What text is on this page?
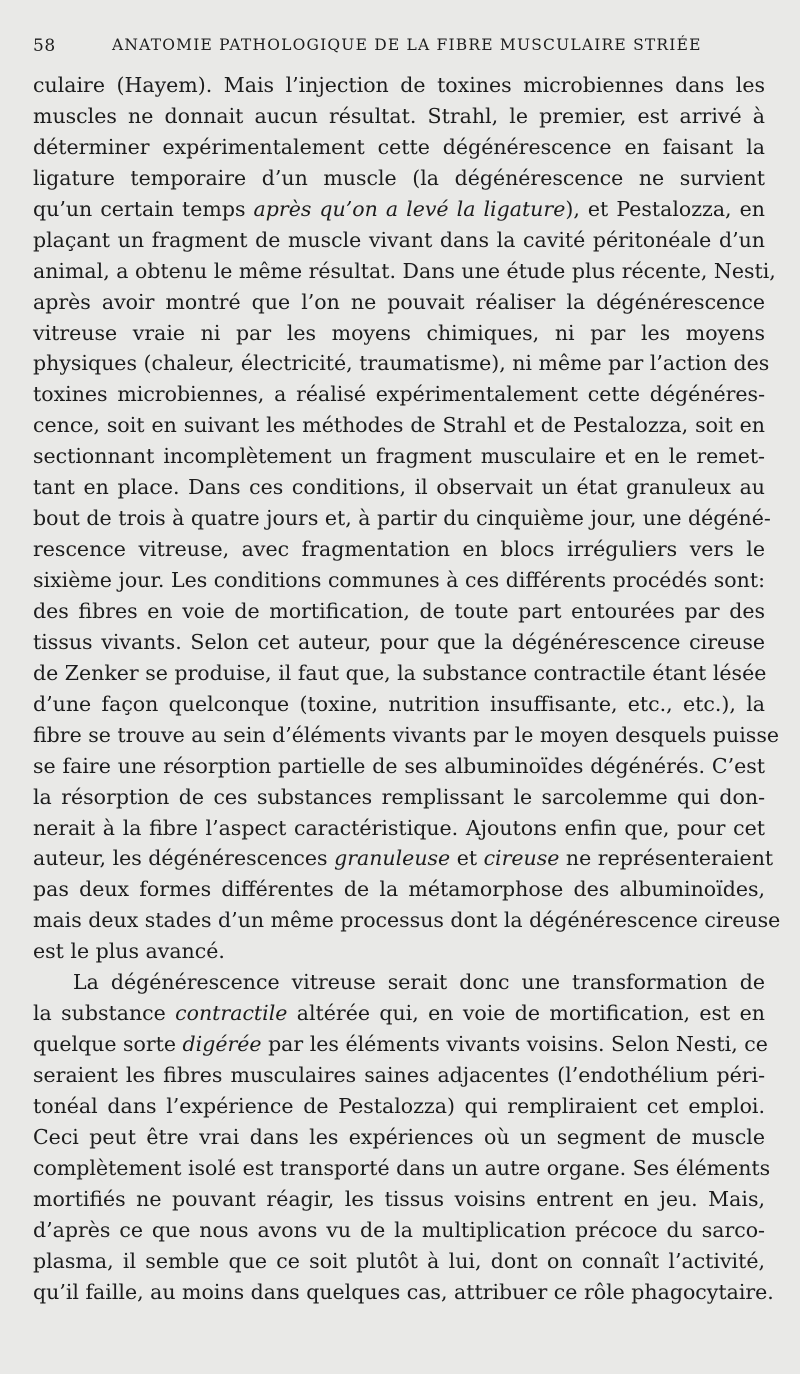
58	ANATOMIE PATHOLOGIQUE DE LA FIBRE MUSCULAIRE STRIÉE
culaire (Hayem). Mais l’injection de toxines microbiennes dans les
muscles ne donnait aucun résultat. Strahl, le premier, est arrivé à
déterminer expérimentalement cette dégénérescence en faisant la
ligature temporaire d’un muscle (la dégénérescence ne survient
qu’un certain temps après qu’on a levé la ligature), et Pestalozza, en
plaçant un fragment de muscle vivant dans la cavité péritonéale d’un
animal, a obtenu le même résultat. Dans une étude plus récente, Nesti,
après avoir montré que l’on ne pouvait réaliser la dégénérescence
vitreuse vraie ni par les moyens chimiques, ni par les moyens
physiques (chaleur, électricité, traumatisme), ni même par l’action des
toxines microbiennes, a réalisé expérimentalement cette dégénéres-
cence, soit en suivant les méthodes de Strahl et de Pestalozza, soit en
sectionnant incomplètement un fragment musculaire et en le remet-
tant en place. Dans ces conditions, il observait un état granuleux au
bout de trois à quatre jours et, à partir du cinquième jour, une dégéné-
rescence vitreuse, avec fragmentation en blocs irréguliers vers le
sixième jour. Les conditions communes à ces différents procédés sont:
des fibres en voie de mortification, de toute part entourées par des
tissus vivants. Selon cet auteur, pour que la dégénérescence cireuse
de Zenker se produise, il faut que, la substance contractile étant lésée
d’une façon quelconque (toxine, nutrition insuffisante, etc., etc.), la
fibre se trouve au sein d’éléments vivants par le moyen desquels puisse
se faire une résorption partielle de ses albuminoïdes dégénérés. C’est
la résorption de ces substances remplissant le sarcolemme qui don-
nerait à la fibre l’aspect caractéristique. Ajoutons enfin que, pour cet
auteur, les dégénérescences granuleuse et cireuse ne représenteraient
pas deux formes différentes de la métamorphose des albuminoïdes,
mais deux stades d’un même processus dont la dégénérescence cireuse
est le plus avancé.
La dégénérescence vitreuse serait donc une transformation de
la substance contractile altérée qui, en voie de mortification, est en
quelque sorte digérée par les éléments vivants voisins. Selon Nesti, ce
seraient les fibres musculaires saines adjacentes (l’endothélium péri-
tonéal dans l’expérience de Pestalozza) qui rempliraient cet emploi.
Ceci peut être vrai dans les expériences où un segment de muscle
complètement isolé est transporté dans un autre organe. Ses éléments
mortifiés ne pouvant réagir, les tissus voisins entrent en jeu. Mais,
d’après ce que nous avons vu de la multiplication précoce du sarco-
plasma, il semble que ce soit plutôt à lui, dont on connaît l’activité,
qu’il faille, au moins dans quelques cas, attribuer ce rôle phagocytaire.
